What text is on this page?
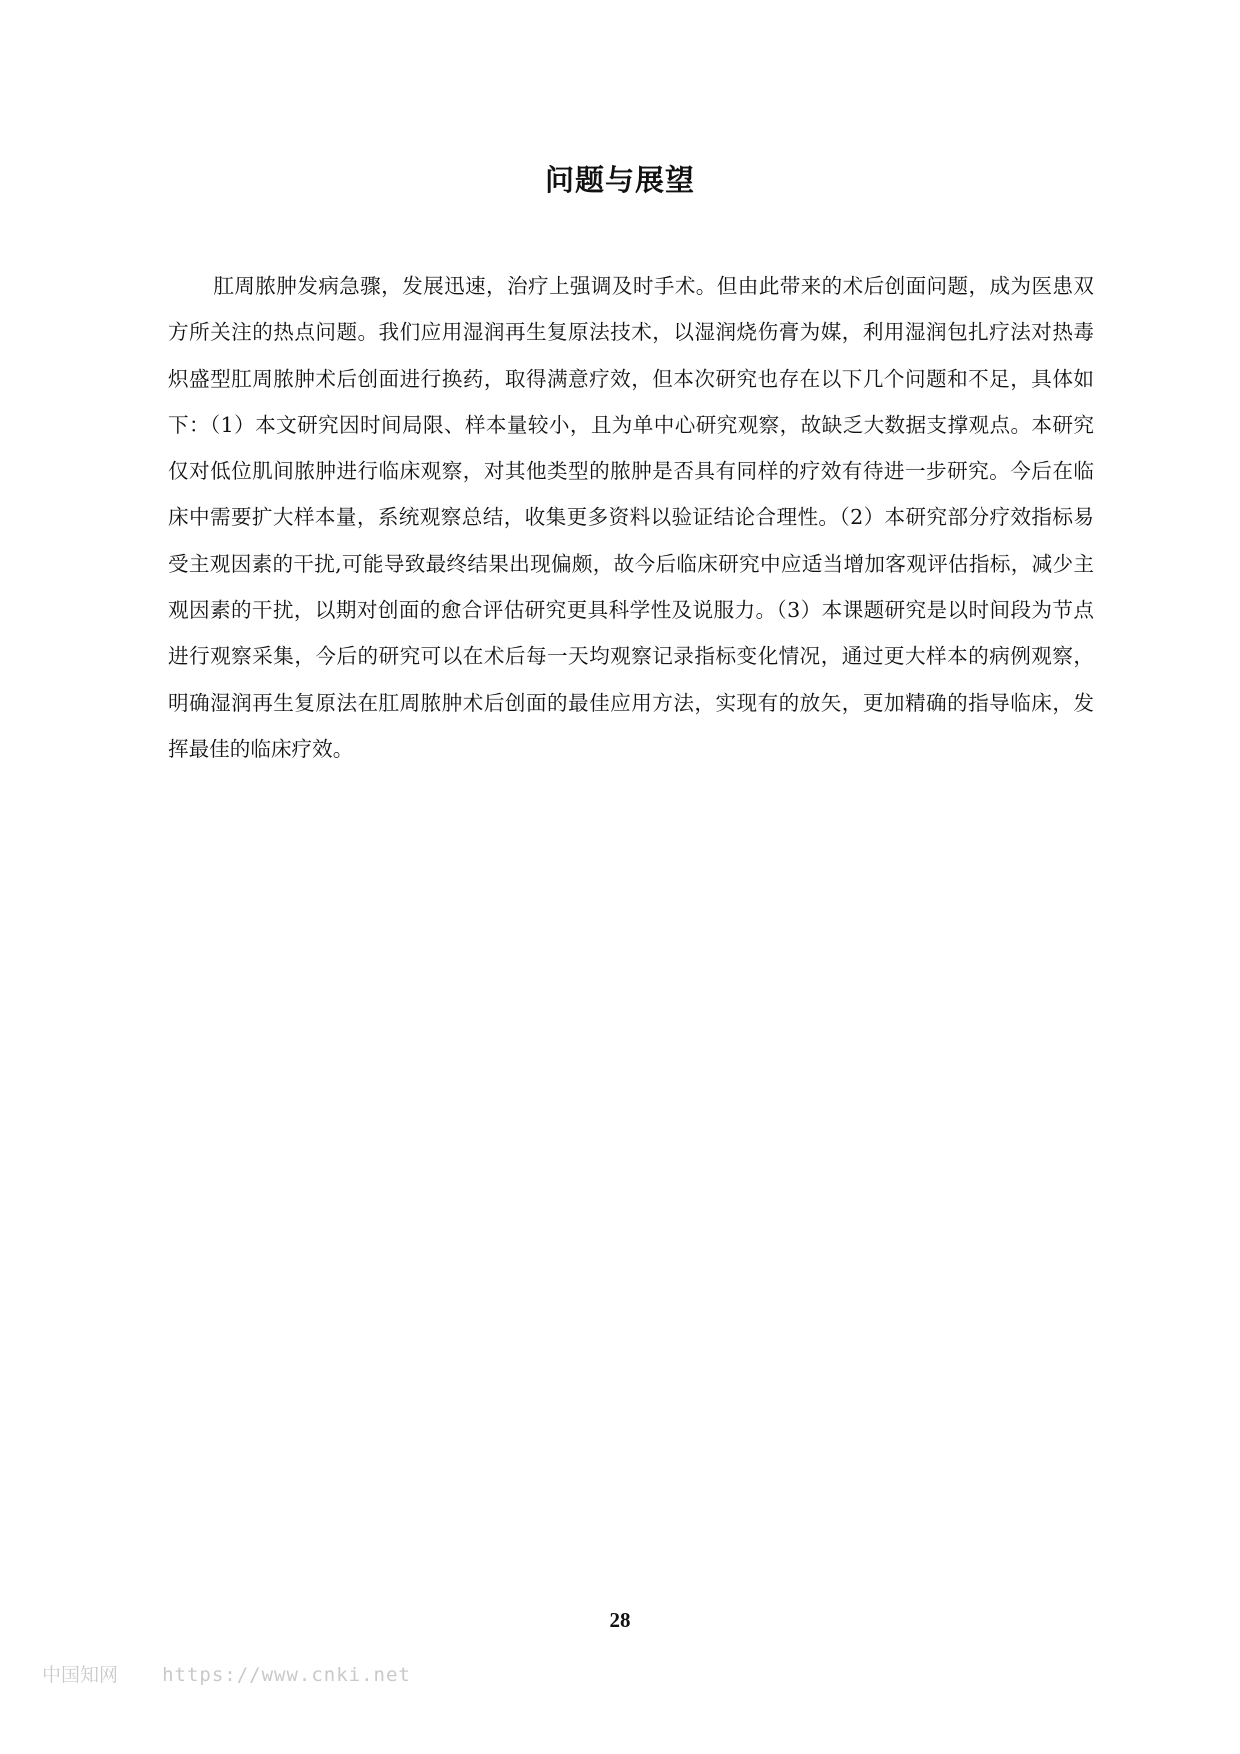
问题与展望

肛周脓肿发病急骤，发展迅速，治疗上强调及时手术。但由此带来的术后创面问题，成为医患双方所关注的热点问题。我们应用湿润再生复原法技术，以湿润烧伤膏为媒，利用湿润包扎疗法对热毒炽盛型肛周脓肿术后创面进行换药，取得满意疗效，但本次研究也存在以下几个问题和不足，具体如下：（1）本文研究因时间局限、样本量较小，且为单中心研究观察，故缺乏大数据支撑观点。本研究仅对低位肌间脓肿进行临床观察，对其他类型的脓肿是否具有同样的疗效有待进一步研究。今后在临床中需要扩大样本量，系统观察总结，收集更多资料以验证结论合理性。（2）本研究部分疗效指标易受主观因素的干扰,可能导致最终结果出现偏颇，故今后临床研究中应适当增加客观评估指标，减少主观因素的干扰，以期对创面的愈合评估研究更具科学性及说服力。（3）本课题研究是以时间段为节点进行观察采集，今后的研究可以在术后每一天均观察记录指标变化情况，通过更大样本的病例观察，明确湿润再生复原法在肛周脓肿术后创面的最佳应用方法，实现有的放矢，更加精确的指导临床，发挥最佳的临床疗效。

28
中国知网 https://www.cnki.net
